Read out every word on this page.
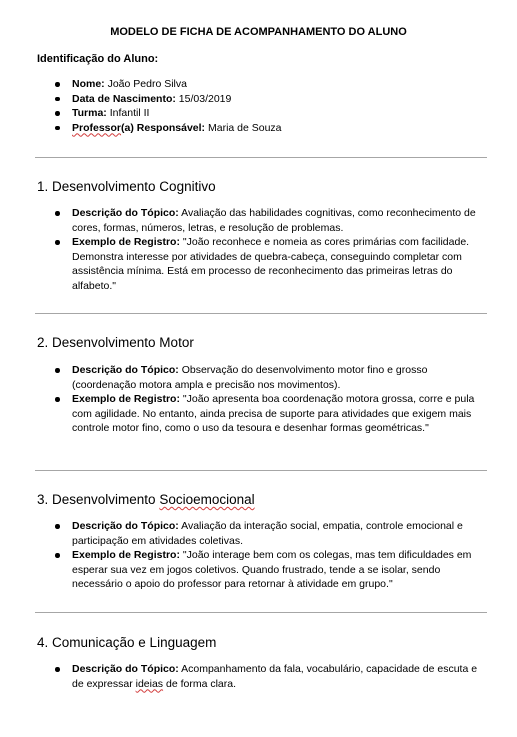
MODELO DE FICHA DE ACOMPANHAMENTO DO ALUNO
Identificação do Aluno:
Nome: João Pedro Silva
Data de Nascimento: 15/03/2019
Turma: Infantil II
Professor(a) Responsável: Maria de Souza
1. Desenvolvimento Cognitivo
Descrição do Tópico: Avaliação das habilidades cognitivas, como reconhecimento de cores, formas, números, letras, e resolução de problemas.
Exemplo de Registro: "João reconhece e nomeia as cores primárias com facilidade. Demonstra interesse por atividades de quebra-cabeça, conseguindo completar com assistência mínima. Está em processo de reconhecimento das primeiras letras do alfabeto."
2. Desenvolvimento Motor
Descrição do Tópico: Observação do desenvolvimento motor fino e grosso (coordenação motora ampla e precisão nos movimentos).
Exemplo de Registro: "João apresenta boa coordenação motora grossa, corre e pula com agilidade. No entanto, ainda precisa de suporte para atividades que exigem mais controle motor fino, como o uso da tesoura e desenhar formas geométricas."
3. Desenvolvimento Socioemocional
Descrição do Tópico: Avaliação da interação social, empatia, controle emocional e participação em atividades coletivas.
Exemplo de Registro: "João interage bem com os colegas, mas tem dificuldades em esperar sua vez em jogos coletivos. Quando frustrado, tende a se isolar, sendo necessário o apoio do professor para retornar à atividade em grupo."
4. Comunicação e Linguagem
Descrição do Tópico: Acompanhamento da fala, vocabulário, capacidade de escuta e de expressar ideias de forma clara.
